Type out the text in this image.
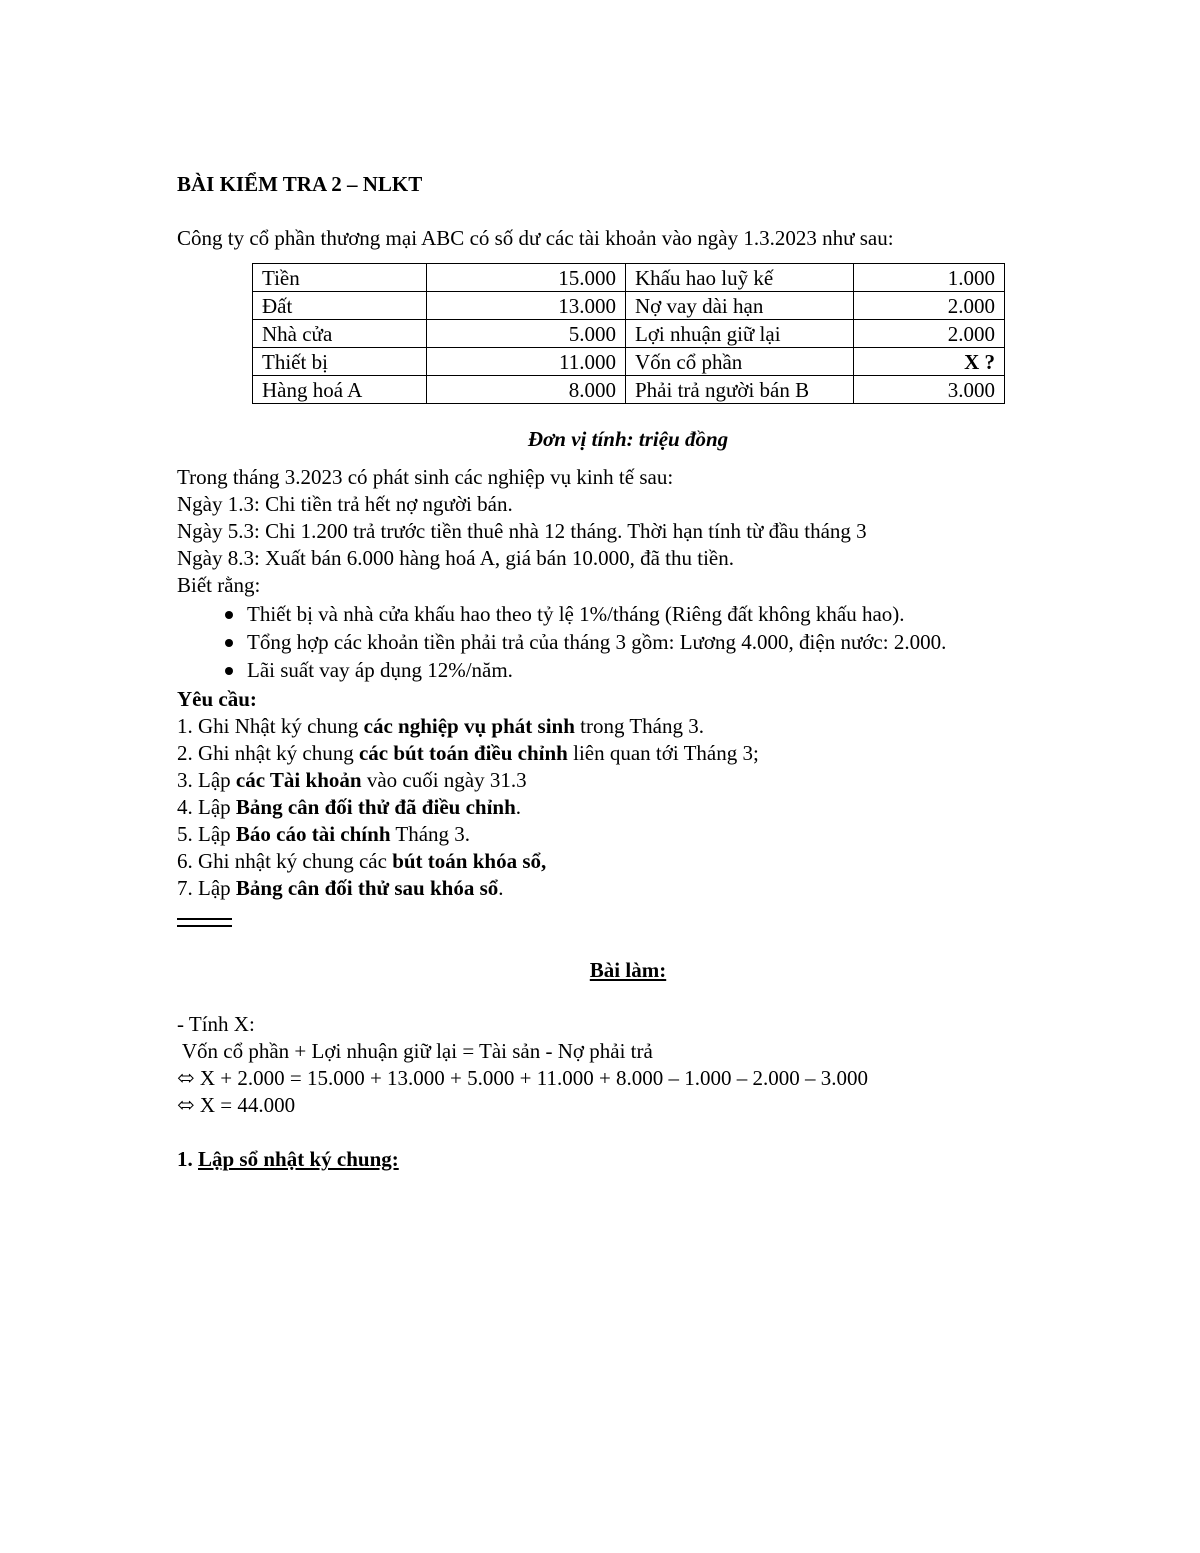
BÀI KIỂM TRA 2 – NLKT
Công ty cổ phần thương mại ABC có số dư các tài khoản vào ngày 1.3.2023 như sau:
Tiền	15.000	Khấu hao luỹ kế	1.000
Đất	13.000	Nợ vay dài hạn	2.000
Nhà cửa	5.000	Lợi nhuận giữ lại	2.000
Thiết bị	11.000	Vốn cổ phần	X ?
Hàng hoá A	8.000	Phải trả người bán B	3.000
Đơn vị tính: triệu đồng
Trong tháng 3.2023 có phát sinh các nghiệp vụ kinh tế sau:
Ngày 1.3: Chi tiền trả hết nợ người bán.
Ngày 5.3: Chi 1.200 trả trước tiền thuê nhà 12 tháng. Thời hạn tính từ đầu tháng 3
Ngày 8.3: Xuất bán 6.000 hàng hoá A, giá bán 10.000, đã thu tiền.
Biết rằng:
Thiết bị và nhà cửa khấu hao theo tỷ lệ 1%/tháng (Riêng đất không khấu hao).
Tổng hợp các khoản tiền phải trả của tháng 3 gồm: Lương 4.000, điện nước: 2.000.
Lãi suất vay áp dụng 12%/năm.
Yêu cầu:
1. Ghi Nhật ký chung các nghiệp vụ phát sinh trong Tháng 3.
2. Ghi nhật ký chung các bút toán điều chỉnh liên quan tới Tháng 3;
3. Lập các Tài khoản vào cuối ngày 31.3
4. Lập Bảng cân đối thử đã điều chỉnh.
5. Lập Báo cáo tài chính Tháng 3.
6. Ghi nhật ký chung các bút toán khóa sổ,
7. Lập Bảng cân đối thử sau khóa sổ.
Bài làm:
- Tính X:
Vốn cổ phần + Lợi nhuận giữ lại = Tài sản - Nợ phải trả
⬄ X + 2.000 = 15.000 + 13.000 + 5.000 + 11.000 + 8.000 – 1.000 – 2.000 – 3.000
⬄ X = 44.000
1. Lập sổ nhật ký chung:
